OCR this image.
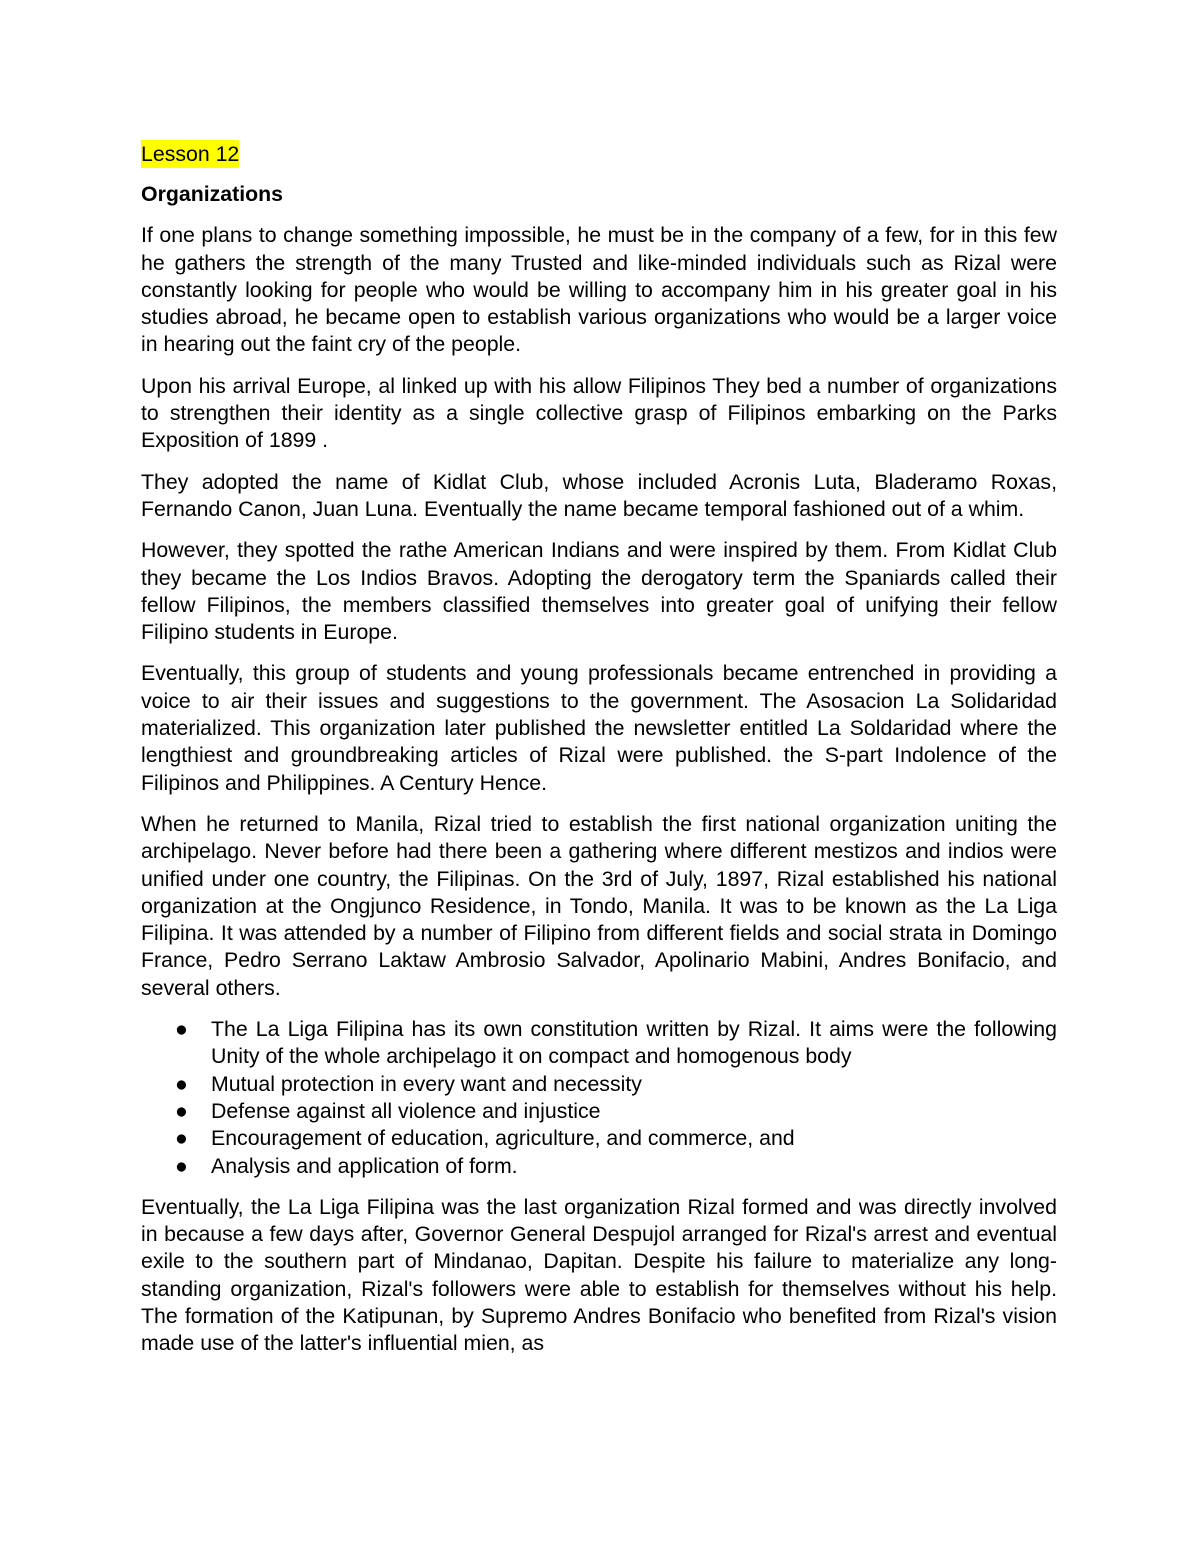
Lesson 12
Organizations

If one plans to change something impossible, he must be in the company of a few, for in this few he gathers the strength of the many Trusted and like-minded individuals such as Rizal were constantly looking for people who would be willing to accompany him in his greater goal in his studies abroad, he became open to establish various organizations who would be a larger voice in hearing out the faint cry of the people.

Upon his arrival Europe, al linked up with his allow Filipinos They bed a number of organizations to strengthen their identity as a single collective grasp of Filipinos embarking on the Parks Exposition of 1899 .

They adopted the name of Kidlat Club, whose included Acronis Luta, Bladeramo Roxas, Fernando Canon, Juan Luna. Eventually the name became temporal fashioned out of a whim.

However, they spotted the rathe American Indians and were inspired by them. From Kidlat Club they became the Los Indios Bravos. Adopting the derogatory term the Spaniards called their fellow Filipinos, the members classified themselves into greater goal of unifying their fellow Filipino students in Europe.

Eventually, this group of students and young professionals became entrenched in providing a voice to air their issues and suggestions to the government. The Asosacion La Solidaridad materialized. This organization later published the newsletter entitled La Soldaridad where the lengthiest and groundbreaking articles of Rizal were published. the S-part Indolence of the Filipinos and Philippines. A Century Hence.

When he returned to Manila, Rizal tried to establish the first national organization uniting the archipelago. Never before had there been a gathering where different mestizos and indios were unified under one country, the Filipinas. On the 3rd of July, 1897, Rizal established his national organization at the Ongjunco Residence, in Tondo, Manila. It was to be known as the La Liga Filipina. It was attended by a number of Filipino from different fields and social strata in Domingo France, Pedro Serrano Laktaw Ambrosio Salvador, Apolinario Mabini, Andres Bonifacio, and several others.

● The La Liga Filipina has its own constitution written by Rizal. It aims were the following Unity of the whole archipelago it on compact and homogenous body
● Mutual protection in every want and necessity
● Defense against all violence and injustice
● Encouragement of education, agriculture, and commerce, and
● Analysis and application of form.

Eventually, the La Liga Filipina was the last organization Rizal formed and was directly involved in because a few days after, Governor General Despujol arranged for Rizal's arrest and eventual exile to the southern part of Mindanao, Dapitan. Despite his failure to materialize any long-standing organization, Rizal's followers were able to establish for themselves without his help. The formation of the Katipunan, by Supremo Andres Bonifacio who benefited from Rizal's vision made use of the latter's influential mien, as
